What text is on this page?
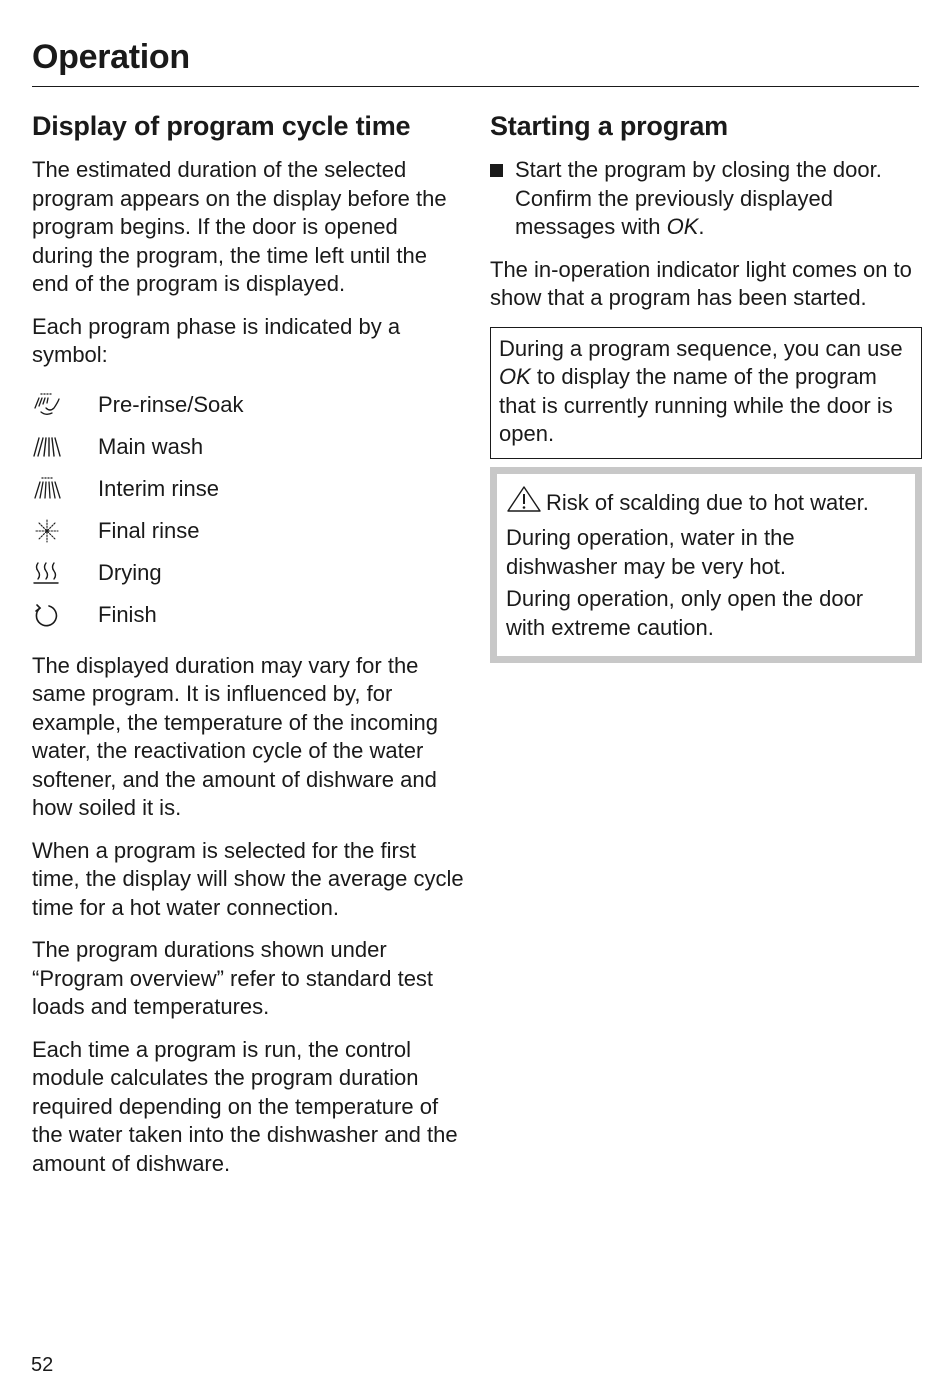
Operation
Display of program cycle time

The estimated duration of the selected program appears on the display before the program begins. If the door is opened during the program, the time left until the end of the program is displayed.

Each program phase is indicated by a symbol:

Pre-rinse/Soak
Main wash
Interim rinse
Final rinse
Drying
Finish

The displayed duration may vary for the same program. It is influenced by, for example, the temperature of the incoming water, the reactivation cycle of the water softener, and the amount of dishware and how soiled it is.

When a program is selected for the first time, the display will show the average cycle time for a hot water connection.

The program durations shown under “Program overview” refer to standard test loads and temperatures.

Each time a program is run, the control module calculates the program duration required depending on the temperature of the water taken into the dishwasher and the amount of dishware.

Starting a program
Start the program by closing the door.
Confirm the previously displayed messages with OK.

The in-operation indicator light comes on to show that a program has been started.

During a program sequence, you can use OK to display the name of the program that is currently running while the door is open.

Risk of scalding due to hot water.

During operation, water in the dishwasher may be very hot.

During operation, only open the door with extreme caution.

52
